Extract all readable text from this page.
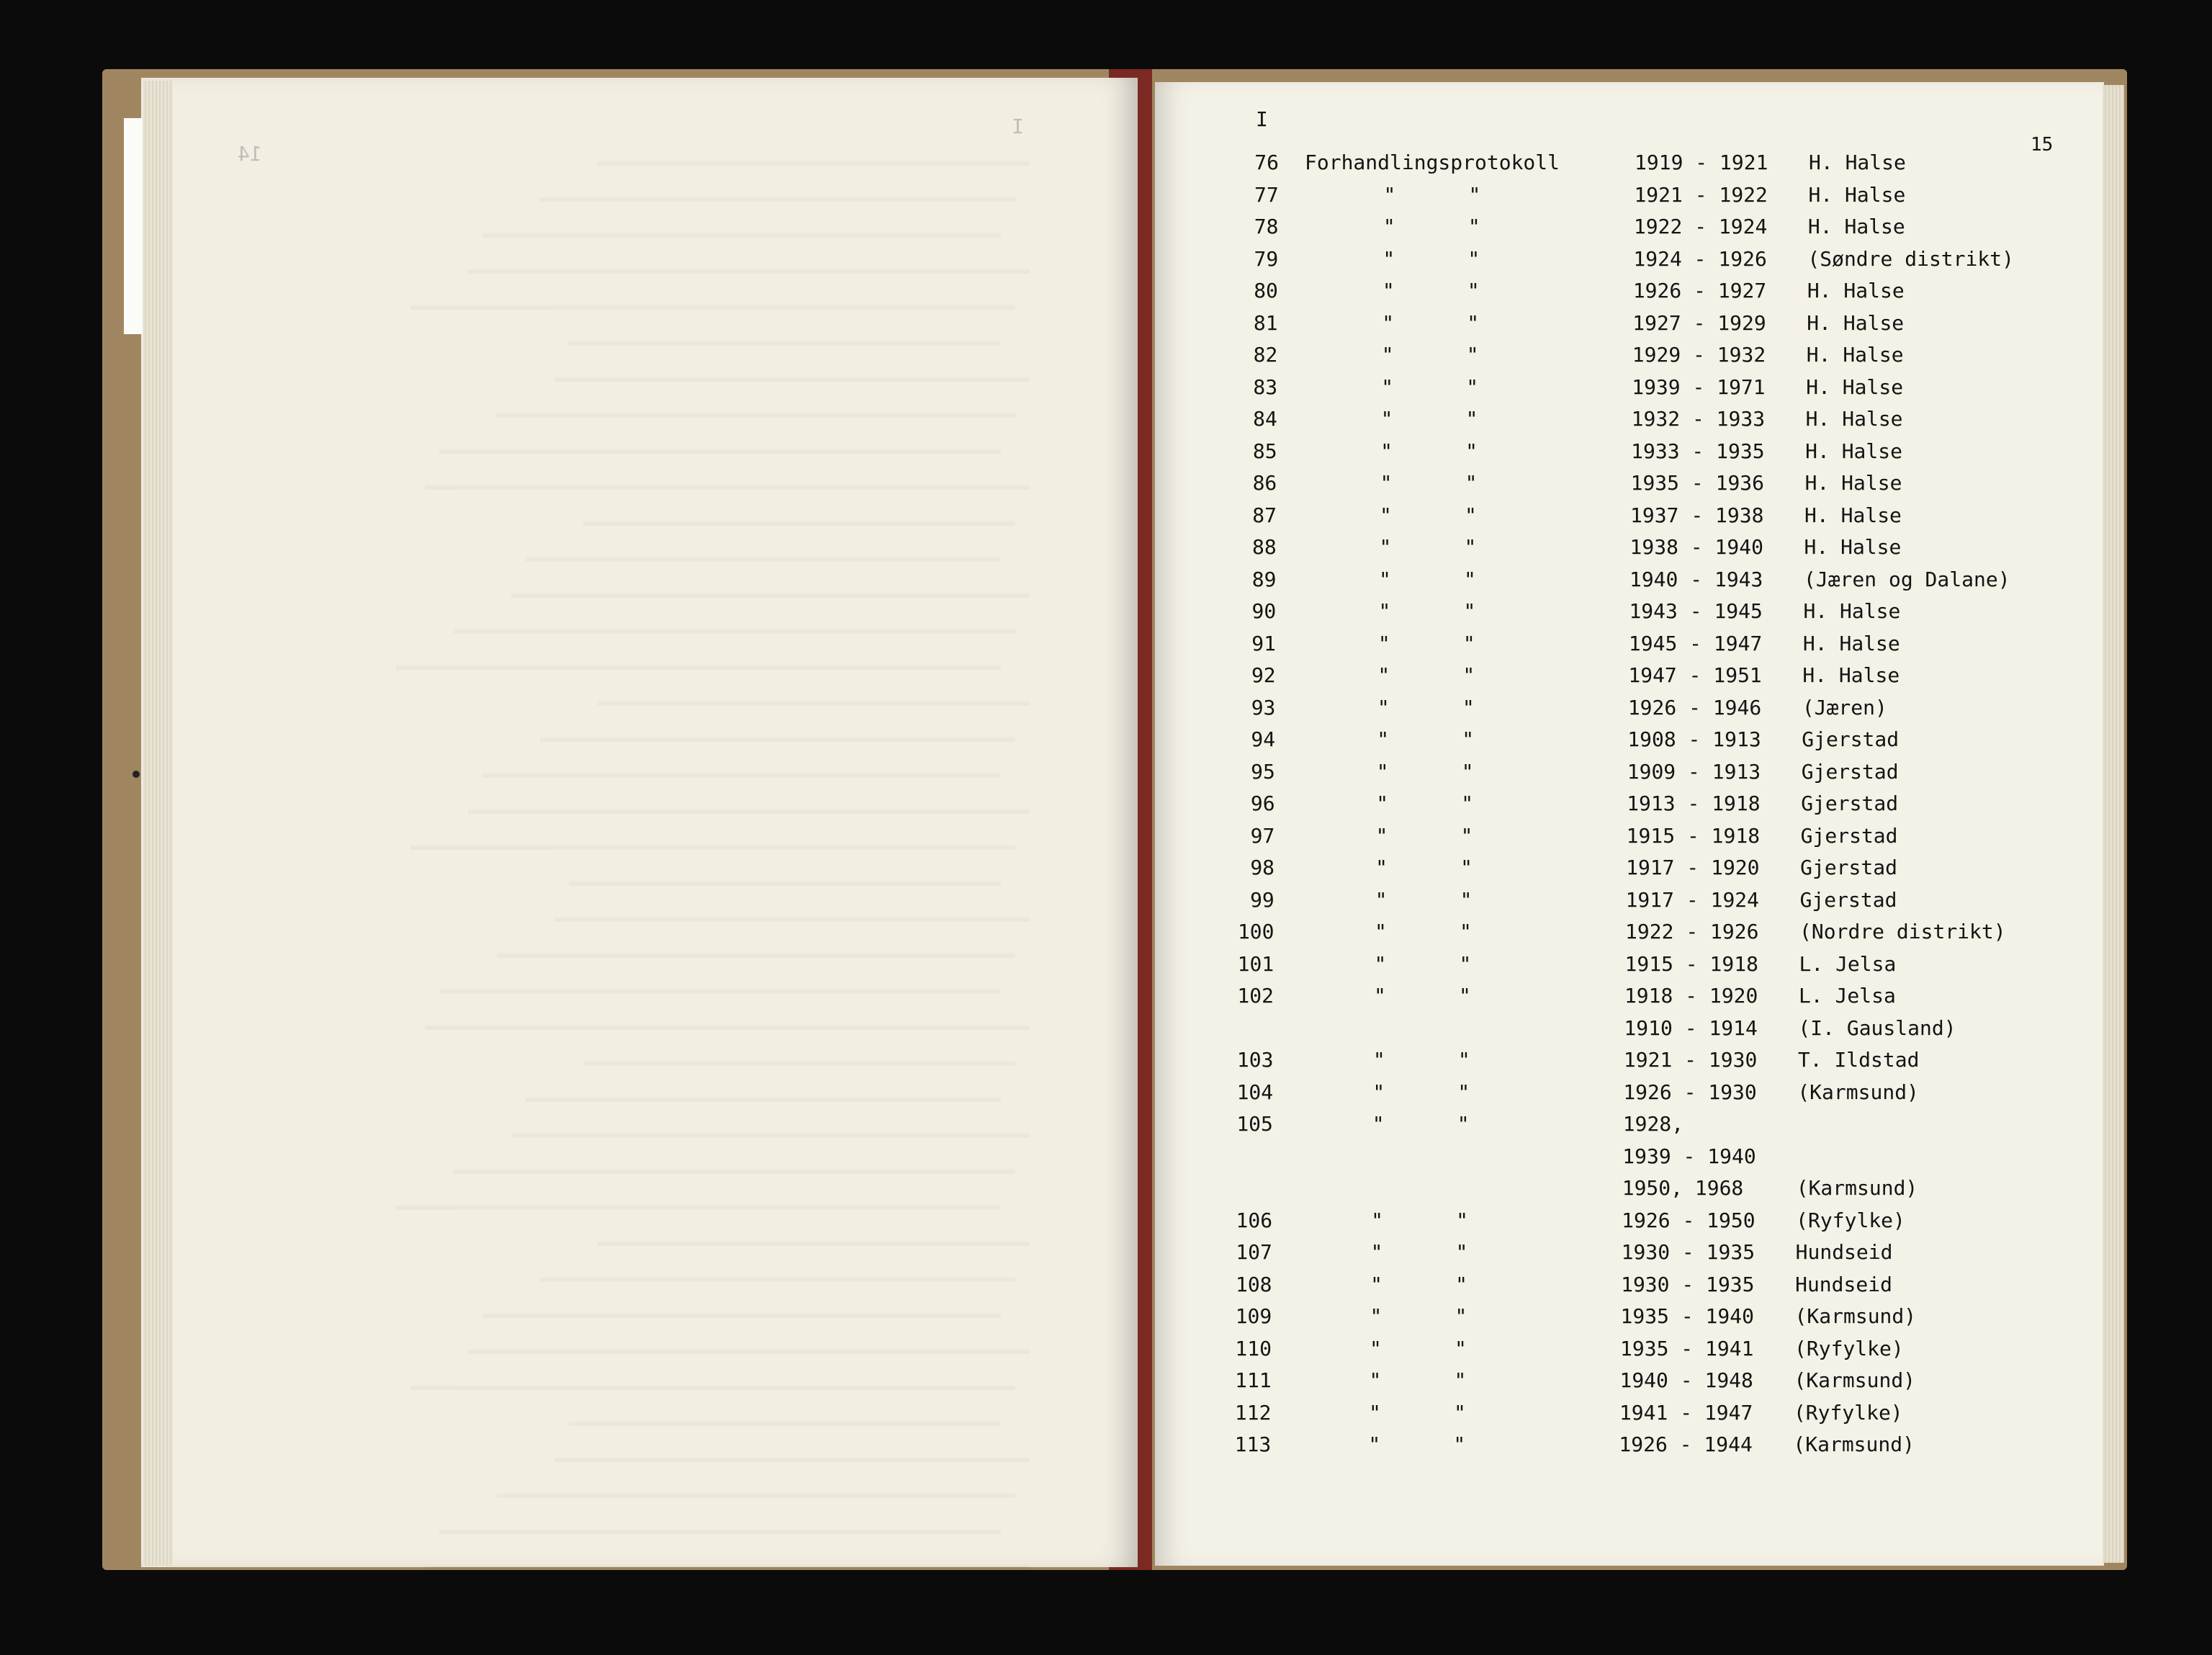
14
I	I
15
76 Forhandlingsprotokoll	1919 - 1921 H. Halse
77	"	"	1921 - 1922 H. Halse
78	"	"	1922 - 1924 H. Halse
79	"	"	1924 - 1926 (Søndre distrikt)
80	"	"	1926 - 1927 H. Halse
81	"	"	1927 - 1929 H. Halse
82	"	"	1929 - 1932 H. Halse
83	"	"	1939 - 1971 H. Halse
84	"	"	1932 - 1933 H. Halse
85	"	"	1933 - 1935 H. Halse
86	"	"	1935 - 1936 H. Halse
87	"	"	1937 - 1938 H. Halse
88	"	"	1938 - 1940 H. Halse
89	"	"	1940 - 1943 (Jæren og Dalane)
90	"	"	1943 - 1945 H. Halse
91	"	"	1945 - 1947 H. Halse
92	"	"	1947 - 1951 H. Halse
93	"	"	1926 - 1946 (Jæren)
94	"	"	1908 - 1913 Gjerstad
95	"	"	1909 - 1913 Gjerstad
96	"	"	1913 - 1918 Gjerstad
97	"	"	1915 - 1918 Gjerstad
98	"	"	1917 - 1920 Gjerstad
99	"	"	1917 - 1924 Gjerstad
100	"	"	1922 - 1926 (Nordre distrikt)
101	"	"	1915 - 1918 L. Jelsa
102	"	"	1918 - 1920 L. Jelsa
1910 - 1914 (I. Gausland)
103	"	"	1921 - 1930 T. Ildstad
104	"	"	1926 - 1930 (Karmsund)
105	"	"	1928,
1939 - 1940
1950, 1968	(Karmsund)
106	"	"	1926 - 1950 (Ryfylke)
107	"	"	1930 - 1935 Hundseid
108	"	"	1930 - 1935 Hundseid
109	"	"	1935 - 1940 (Karmsund)
110	"	"	1935 - 1941 (Ryfylke)
111	"	"	1940 - 1948 (Karmsund)
112	"	"	1941 - 1947 (Ryfylke)
113	"	"	1926 - 1944 (Karmsund)
